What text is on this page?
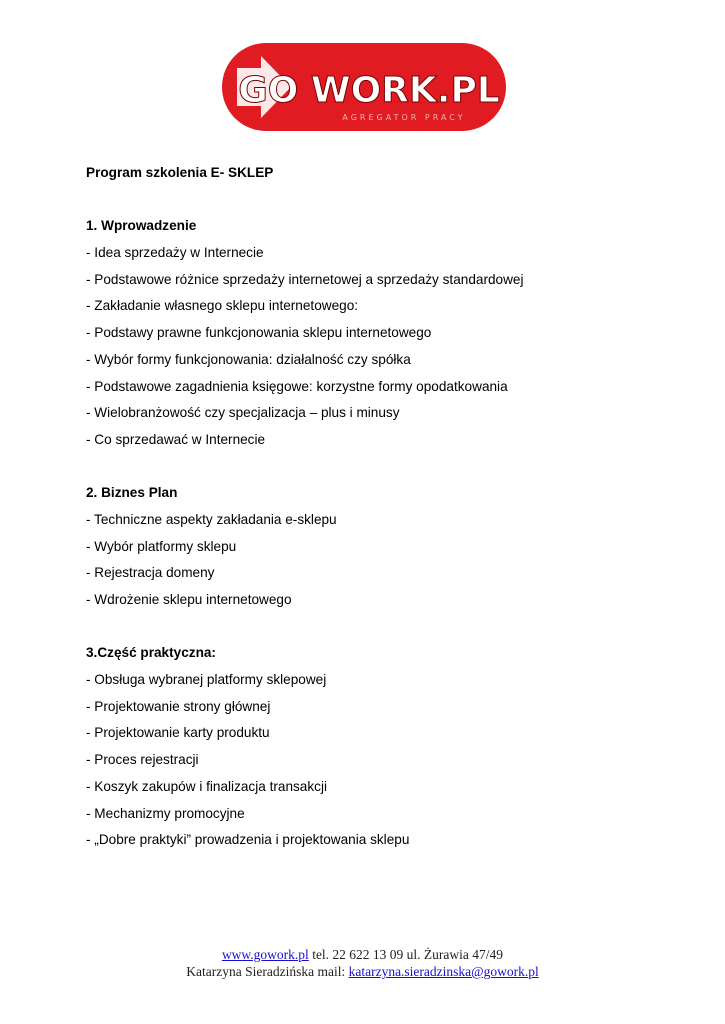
GO WORK.PL
AGREGATOR PRACY
Program szkolenia E- SKLEP
1. Wprowadzenie
- Idea sprzedaży w Internecie
- Podstawowe różnice sprzedaży internetowej a sprzedaży standardowej
- Zakładanie własnego sklepu internetowego:
- Podstawy prawne funkcjonowania sklepu internetowego
- Wybór formy funkcjonowania: działalność czy spółka
- Podstawowe zagadnienia księgowe: korzystne formy opodatkowania
- Wielobranżowość czy specjalizacja – plus i minusy
- Co sprzedawać w Internecie
2. Biznes Plan
- Techniczne aspekty zakładania e-sklepu
- Wybór platformy sklepu
- Rejestracja domeny
- Wdrożenie sklepu internetowego
3.Część praktyczna:
- Obsługa wybranej platformy sklepowej
- Projektowanie strony głównej
- Projektowanie karty produktu
- Proces rejestracji
- Koszyk zakupów i finalizacja transakcji
- Mechanizmy promocyjne
- „Dobre praktyki” prowadzenia i projektowania sklepu
www.gowork.pl tel. 22 622 13 09 ul. Żurawia 47/49
Katarzyna Sieradzińska mail: katarzyna.sieradzinska@gowork.pl
